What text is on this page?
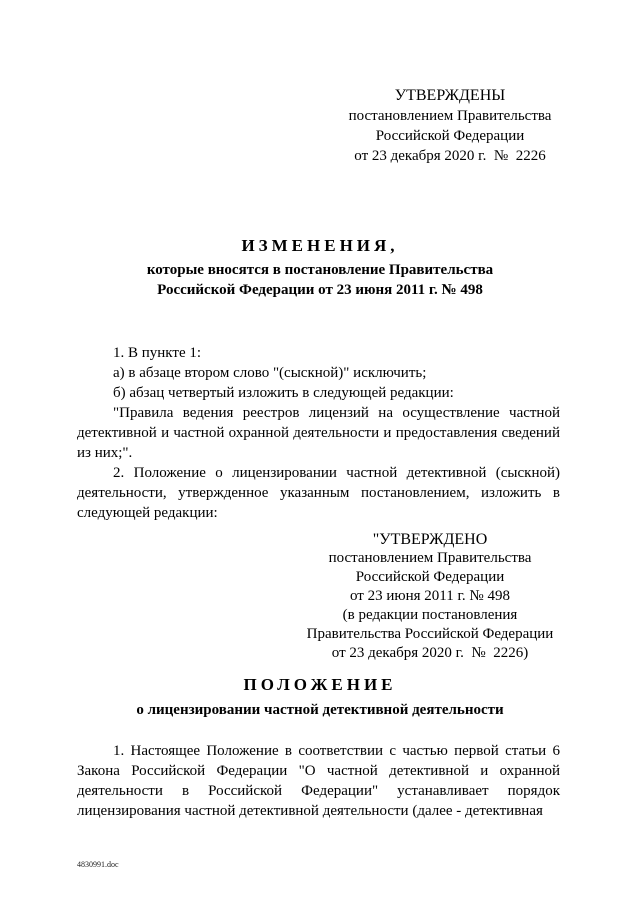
УТВЕРЖДЕНЫ
постановлением Правительства
Российской Федерации
от 23 декабря 2020 г.  №  2226
ИЗМЕНЕНИЯ,
которые вносятся в постановление Правительства
Российской Федерации от 23 июня 2011 г. № 498
1. В пункте 1:
а) в абзаце втором слово "(сыскной)" исключить;
б) абзац четвертый изложить в следующей редакции:
"Правила ведения реестров лицензий на осуществление частной детективной и частной охранной деятельности и предоставления сведений из них;".
2. Положение о лицензировании частной детективной (сыскной) деятельности, утвержденное указанным постановлением, изложить в следующей редакции:
"УТВЕРЖДЕНО
постановлением Правительства
Российской Федерации
от 23 июня 2011 г. № 498
(в редакции постановления
Правительства Российской Федерации
от 23 декабря 2020 г.  №  2226)
ПОЛОЖЕНИЕ
о лицензировании частной детективной деятельности
1. Настоящее Положение в соответствии с частью первой статьи 6 Закона Российской Федерации "О частной детективной и охранной деятельности в Российской Федерации" устанавливает порядок лицензирования частной детективной деятельности (далее - детективная
4830991.doc
